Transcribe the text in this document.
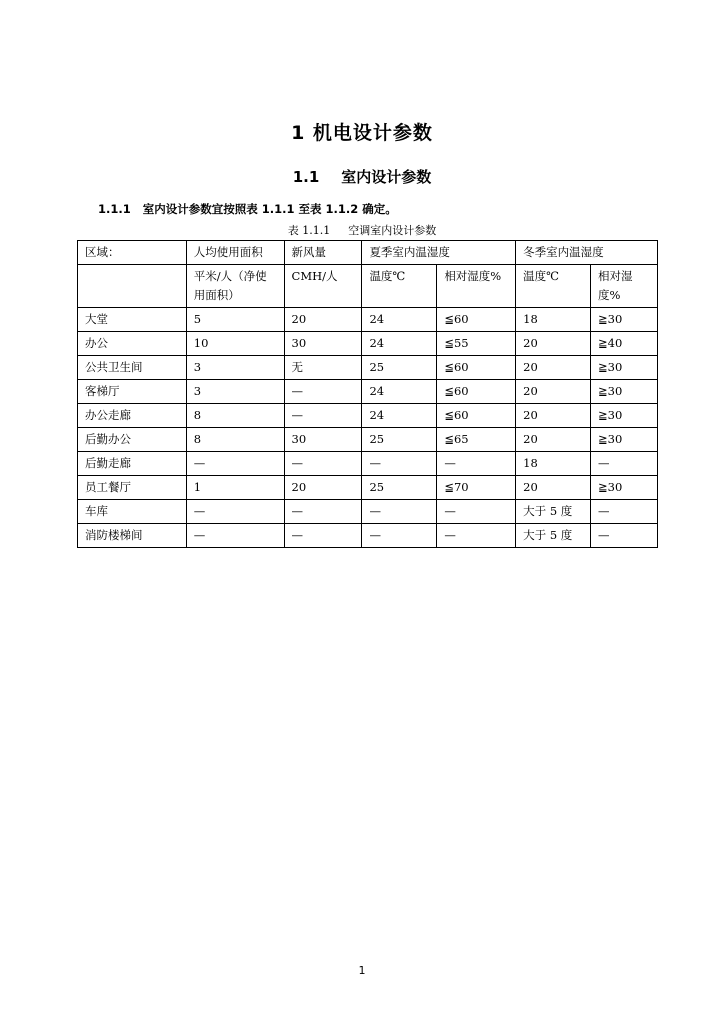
1 机电设计参数
1.1 室内设计参数
1.1.1 室内设计参数宜按照表 1.1.1 至表 1.1.2 确定。
表 1.1.1 空调室内设计参数
区域：	人均使用面积	新风量	夏季室内温湿度		冬季室内温湿度	
	平米/人（净使用面积）	CMH/人	温度℃	相对湿度%	温度℃	相对湿度%
大堂	5	20	24	≦60	18	≧30
办公	10	30	24	≦55	20	≧40
公共卫生间	3	无	25	≦60	20	≧30
客梯厅	3	—	24	≦60	20	≧30
办公走廊	8	—	24	≦60	20	≧30
后勤办公	8	30	25	≦65	20	≧30
后勤走廊	—	—	—	—	18	—
员工餐厅	1	20	25	≦70	20	≧30
车库	—	—	—	—	大于 5 度	—
消防楼梯间	—	—	—	—	大于 5 度	—
1
